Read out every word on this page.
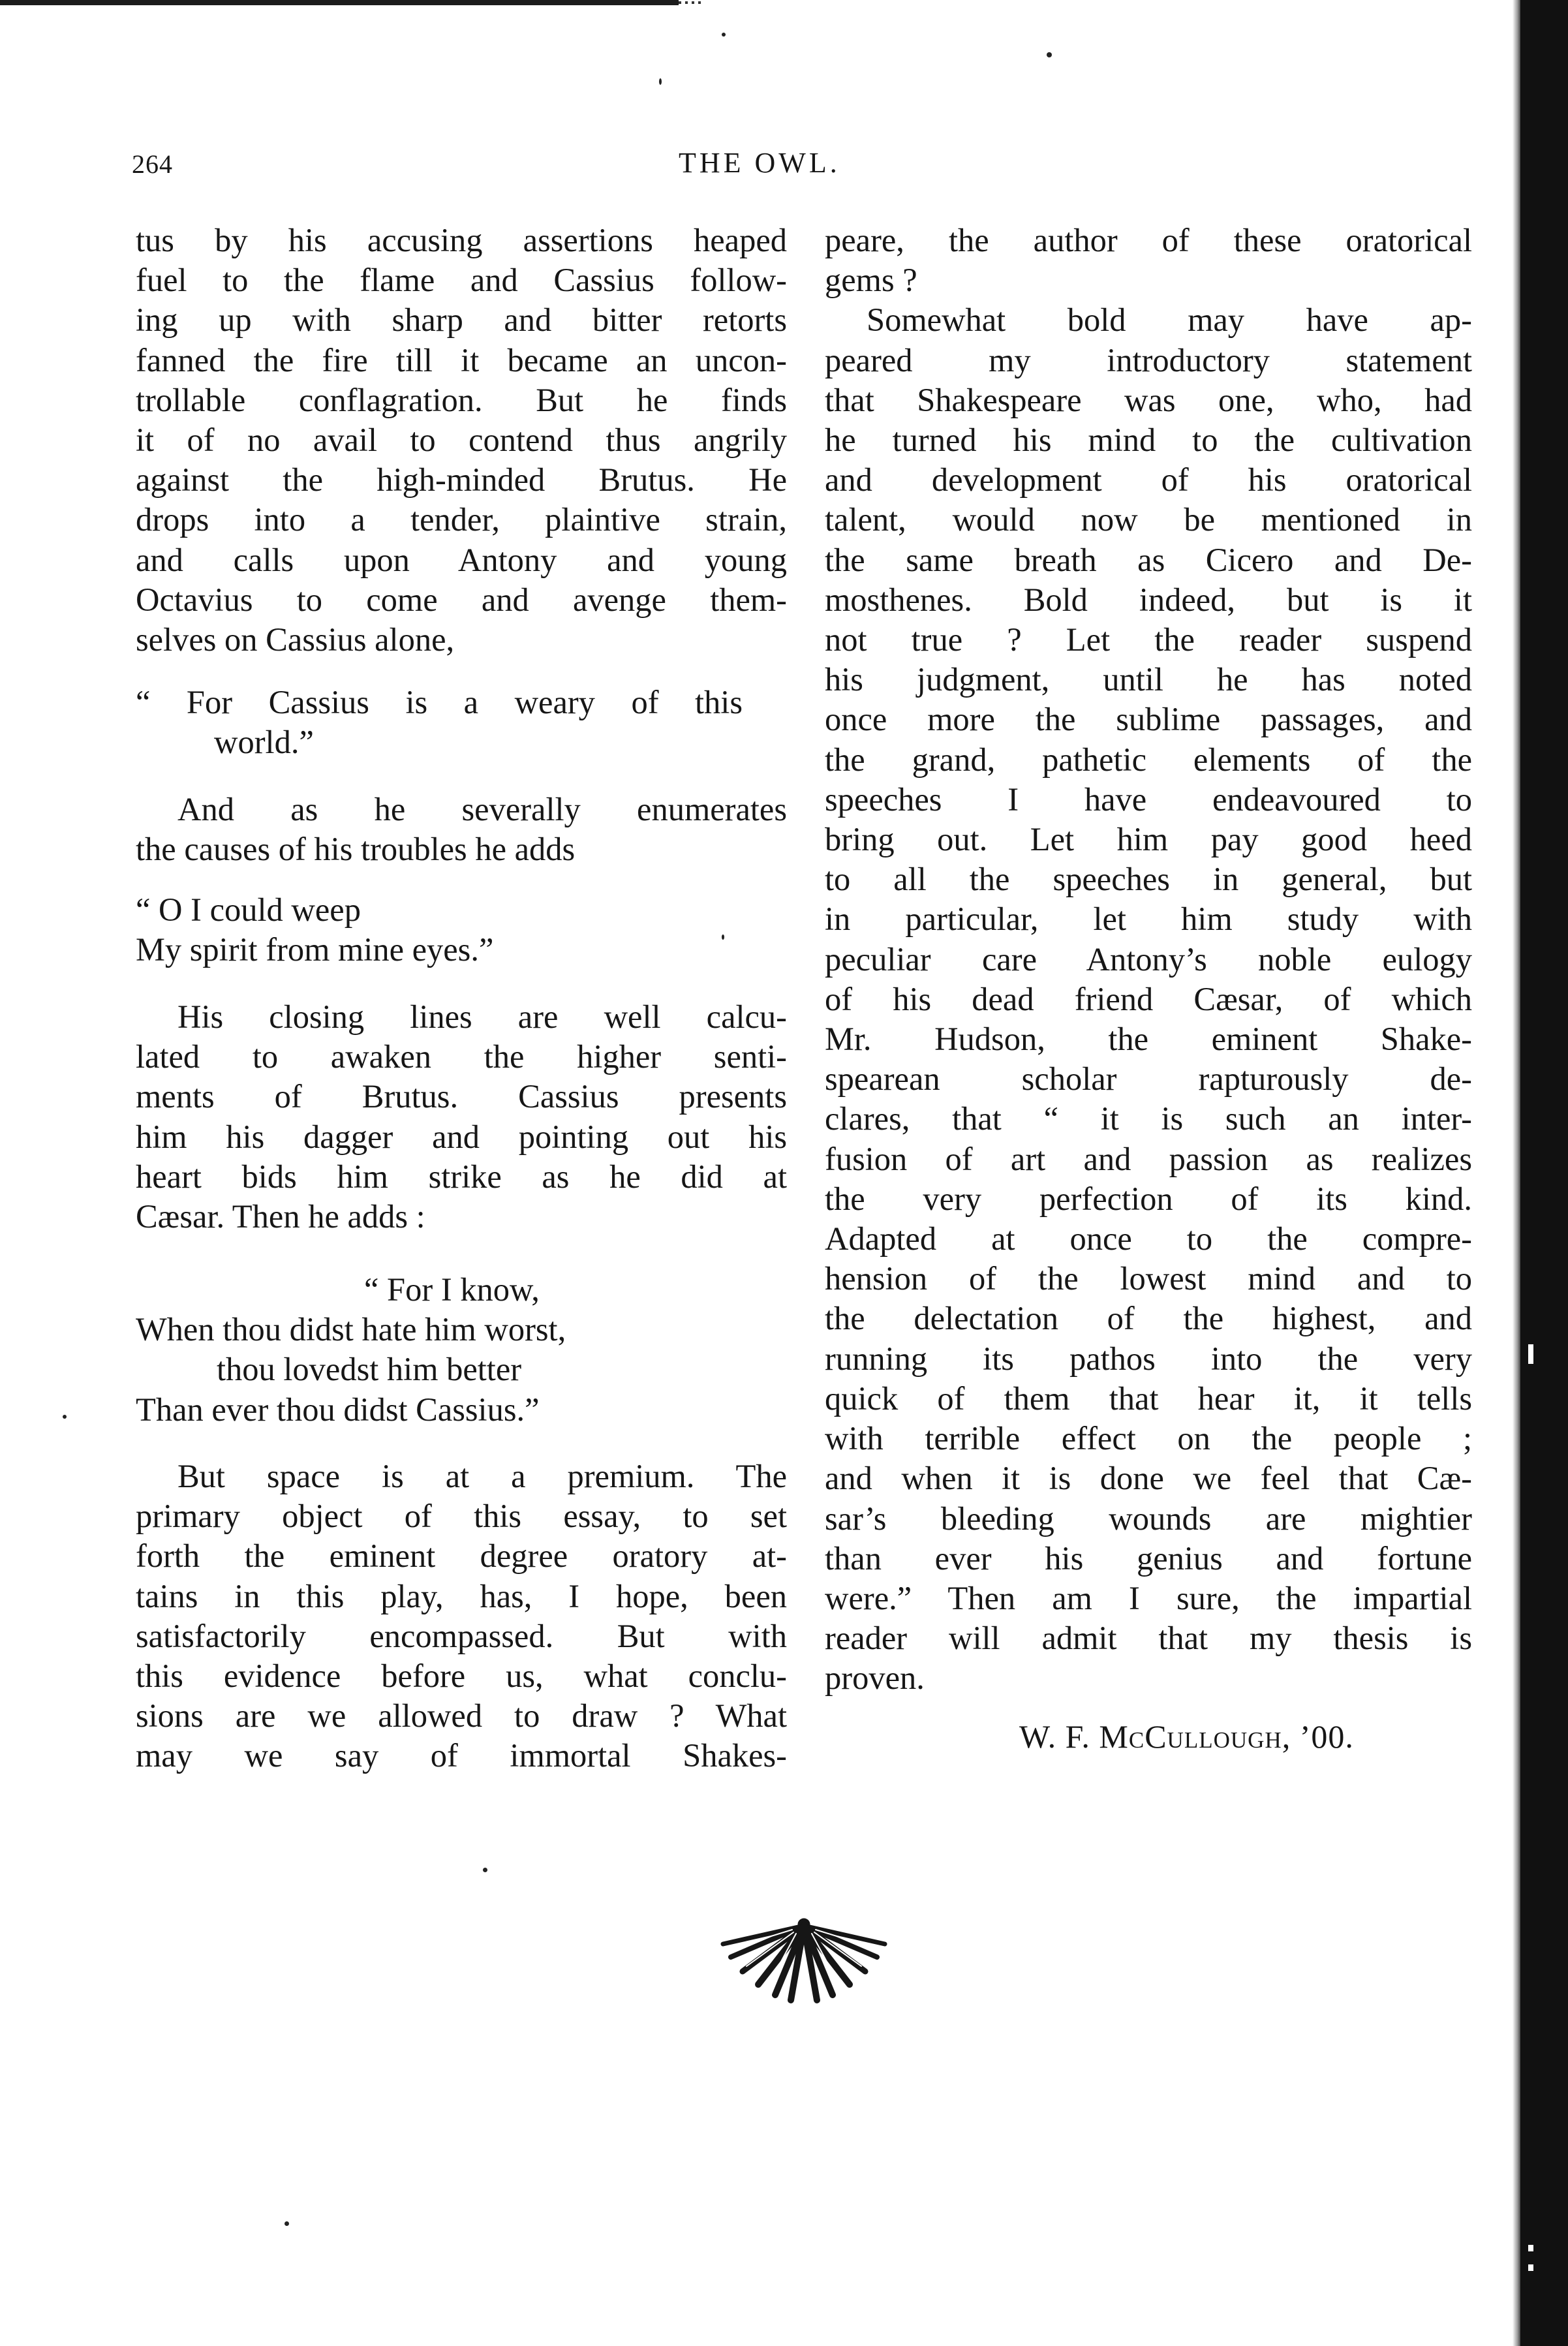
264	THE OWL.

tus by his accusing assertions heaped

fuel to the flame and Cassius follow-

ing up with sharp and bitter retorts

fanned the fire till it became an uncon-

trollable conflagration. But he finds

it of no avail to contend thus angrily

against the high-minded Brutus. He

drops into a tender, plaintive strain,

and calls upon Antony and young

Octavius to come and avenge them-

selves on Cassius alone,

“ For Cassius is a weary of this
world.”

And as he severally enumerates

the causes of his troubles he adds

“ O I could weep
My spirit from mine eyes.”

His closing lines are well calcu-

lated to awaken the higher senti-

ments of Brutus. Cassius presents

him his dagger and pointing out his

heart bids him strike as he did at

Cæsar. Then he adds :

“ For I know,
When thou didst hate him worst,
thou lovedst him better
Than ever thou didst Cassius.”

But space is at a premium. The

primary object of this essay, to set

forth the eminent degree oratory at-

tains in this play, has, I hope, been

satisfactorily encompassed. But with

this evidence before us, what conclu-

sions are we allowed to draw ? What

may we say of immortal Shakes-

peare, the author of these oratorical

gems ?

Somewhat bold may have ap-

peared my introductory statement

that Shakespeare was one, who, had

he turned his mind to the cultivation

and development of his oratorical

talent, would now be mentioned in

the same breath as Cicero and De-

mosthenes. Bold indeed, but is it

not true ? Let the reader suspend

his judgment, until he has noted

once more the sublime passages, and

the grand, pathetic elements of the

speeches I have endeavoured to

bring out. Let him pay good heed

to all the speeches in general, but

in particular, let him study with

peculiar care Antony’s noble eulogy

of his dead friend Cæsar, of which

Mr. Hudson, the eminent Shake-

spearean scholar rapturously de-

clares, that “ it is such an inter-

fusion of art and passion as realizes

the very perfection of its kind.

Adapted at once to the compre-

hension of the lowest mind and to

the delectation of the highest, and

running its pathos into the very

quick of them that hear it, it tells

with terrible effect on the people ;

and when it is done we feel that Cæ-

sar’s bleeding wounds are mightier

than ever his genius and fortune

were.” Then am I sure, the impartial

reader will admit that my thesis is

proven.

W. F. McCullough, ’00.
